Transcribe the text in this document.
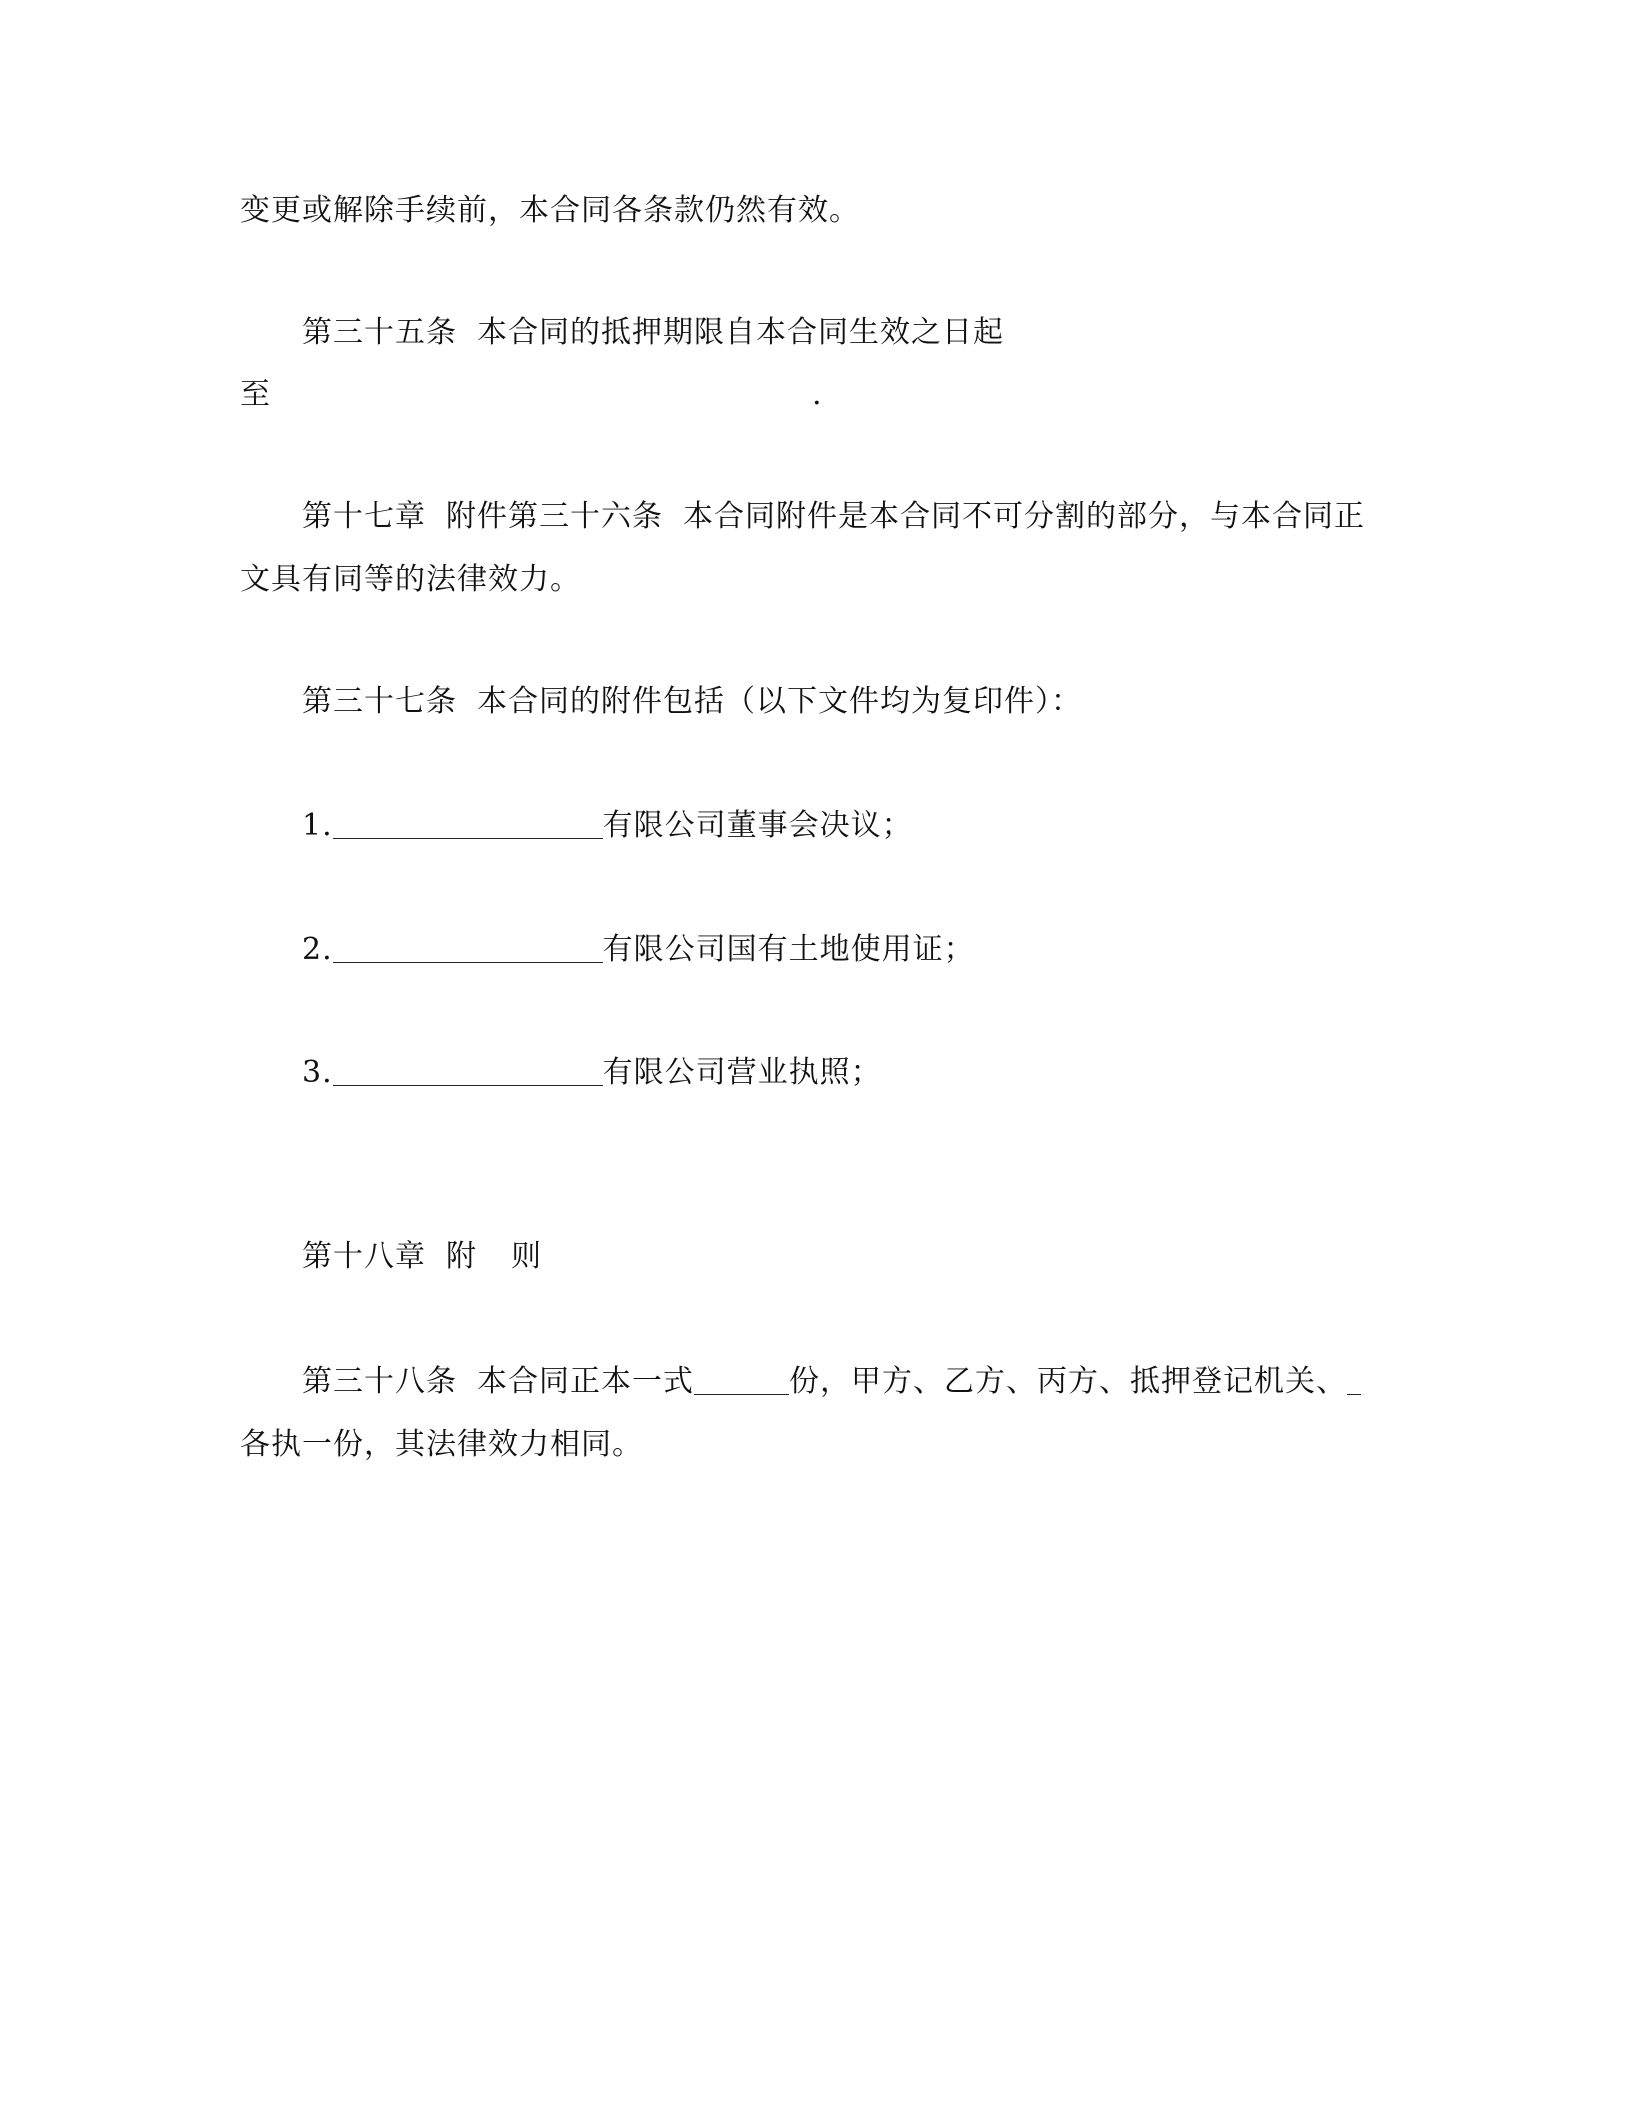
变更或解除手续前，本合同各条款仍然有效。
第三十五条 本合同的抵押期限自本合同生效之日起
至	.
第十七章 附件第三十六条 本合同附件是本合同不可分割的部分，与本合同正
文具有同等的法律效力。
第三十七条 本合同的附件包括（以下文件均为复印件）：
1.	有限公司董事会决议；
2.	有限公司国有土地使用证；
3.	有限公司营业执照；
第十八章 附 则
第三十八条 本合同正本一式	份，甲方、乙方、丙方、抵押登记机关、
各执一份，其法律效力相同。
